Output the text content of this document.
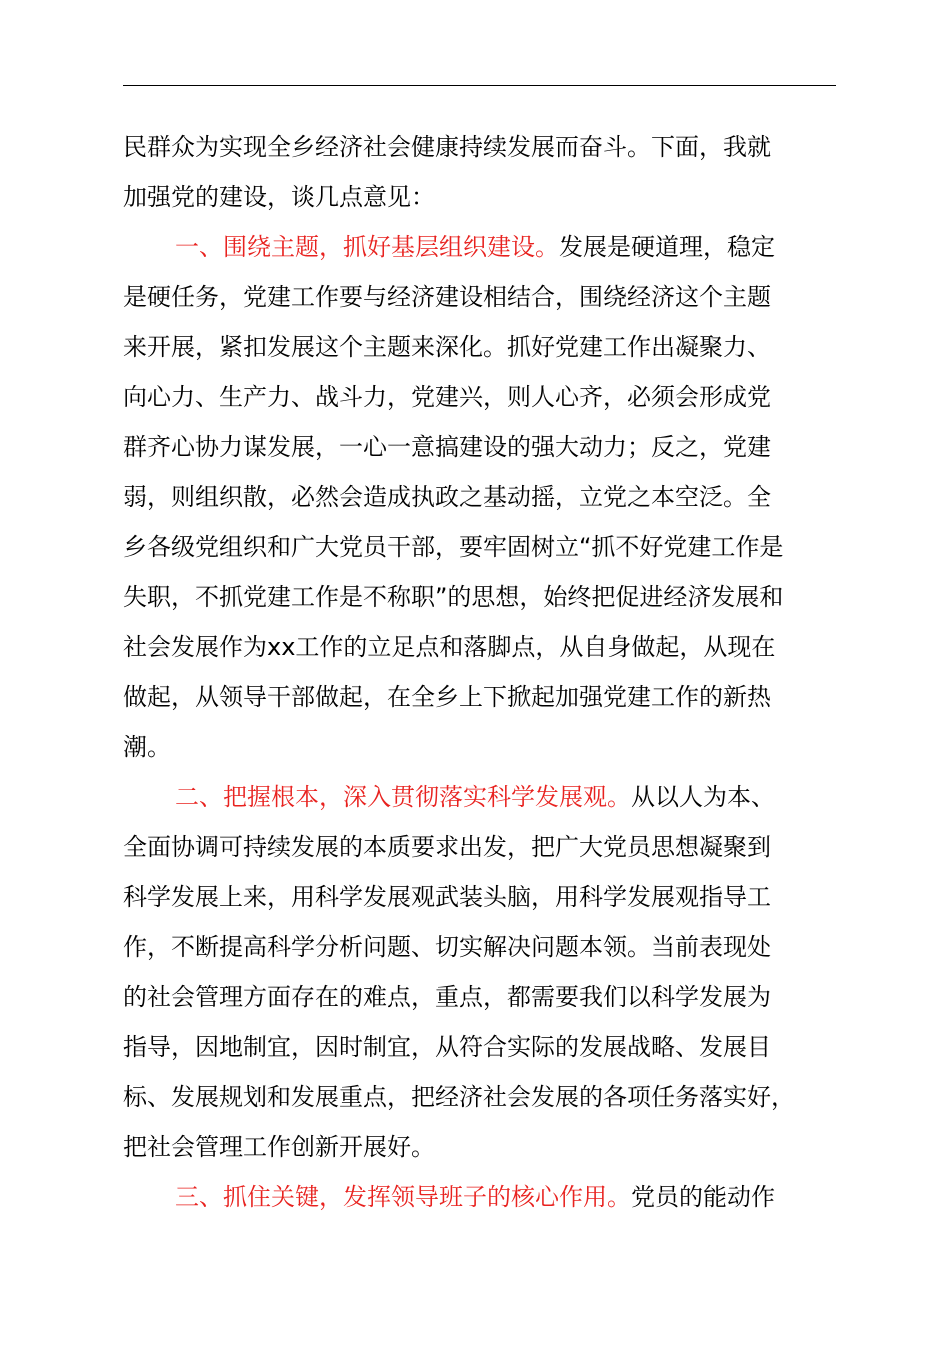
民群众为实现全乡经济社会健康持续发展而奋斗。下面，我就
加强党的建设，谈几点意见：
一、围绕主题，抓好基层组织建设。发展是硬道理，稳定
是硬任务，党建工作要与经济建设相结合，围绕经济这个主题
来开展，紧扣发展这个主题来深化。抓好党建工作出凝聚力、
向心力、生产力、战斗力，党建兴，则人心齐，必须会形成党
群齐心协力谋发展，一心一意搞建设的强大动力；反之，党建
弱，则组织散，必然会造成执政之基动摇，立党之本空泛。全
乡各级党组织和广大党员干部，要牢固树立“抓不好党建工作是
失职，不抓党建工作是不称职”的思想，始终把促进经济发展和
社会发展作为xx工作的立足点和落脚点，从自身做起，从现在
做起，从领导干部做起，在全乡上下掀起加强党建工作的新热
潮。
二、把握根本，深入贯彻落实科学发展观。从以人为本、
全面协调可持续发展的本质要求出发，把广大党员思想凝聚到
科学发展上来，用科学发展观武装头脑，用科学发展观指导工
作，不断提高科学分析问题、切实解决问题本领。当前表现处
的社会管理方面存在的难点，重点，都需要我们以科学发展为
指导，因地制宜，因时制宜，从符合实际的发展战略、发展目
标、发展规划和发展重点，把经济社会发展的各项任务落实好，
把社会管理工作创新开展好。
三、抓住关键，发挥领导班子的核心作用。党员的能动作
